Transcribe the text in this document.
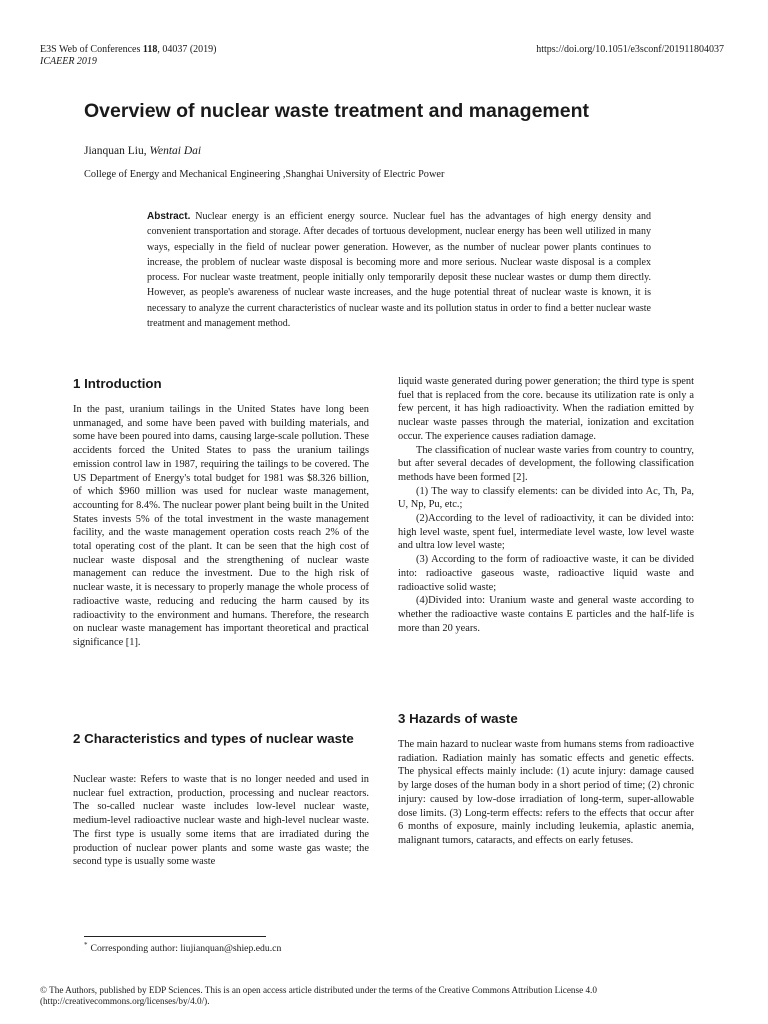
E3S Web of Conferences 118, 04037 (2019)
ICAEER 2019
https://doi.org/10.1051/e3sconf/201911804037
Overview of nuclear waste treatment and management
Jianquan Liu, Wentai Dai
College of Energy and Mechanical Engineering ,Shanghai University of Electric Power
Abstract. Nuclear energy is an efficient energy source. Nuclear fuel has the advantages of high energy density and convenient transportation and storage. After decades of tortuous development, nuclear energy has been well utilized in many ways, especially in the field of nuclear power generation. However, as the number of nuclear power plants continues to increase, the problem of nuclear waste disposal is becoming more and more serious. Nuclear waste disposal is a complex process. For nuclear waste treatment, people initially only temporarily deposit these nuclear wastes or dump them directly. However, as people's awareness of nuclear waste increases, and the huge potential threat of nuclear waste is known, it is necessary to analyze the current characteristics of nuclear waste and its pollution status in order to find a better nuclear waste treatment and management method.
1 Introduction

In the past, uranium tailings in the United States have long been unmanaged, and some have been paved with building materials, and some have been poured into dams, causing large-scale pollution. These accidents forced the United States to pass the uranium tailings emission control law in 1987, requiring the tailings to be covered. The US Department of Energy's total budget for 1981 was $8.326 billion, of which $960 million was used for nuclear waste management, accounting for 8.4%. The nuclear power plant being built in the United States invests 5% of the total investment in the waste management facility, and the waste management operation costs reach 2% of the total operating cost of the plant. It can be seen that the high cost of nuclear waste disposal and the strengthening of nuclear waste management can reduce the investment. Due to the high risk of nuclear waste, it is necessary to properly manage the whole process of radioactive waste, reducing and reducing the harm caused by its radioactivity to the environment and humans. Therefore, the research on nuclear waste management has important theoretical and practical significance [1].

2 Characteristics and types of nuclear waste

Nuclear waste: Refers to waste that is no longer needed and used in nuclear fuel extraction, production, processing and nuclear reactors. The so-called nuclear waste includes low-level nuclear waste, medium-level radioactive nuclear waste and high-level nuclear waste. The first type is usually some items that are irradiated during the production of nuclear power plants and some waste gas waste; the second type is usually some waste

liquid waste generated during power generation; the third type is spent fuel that is replaced from the core. because its utilization rate is only a few percent, it has high radioactivity. When the radiation emitted by nuclear waste passes through the material, ionization and excitation occur. The experience causes radiation damage.

The classification of nuclear waste varies from country to country, but after several decades of development, the following classification methods have been formed [2].

(1) The way to classify elements: can be divided into Ac, Th, Pa, U, Np, Pu, etc.;

(2)According to the level of radioactivity, it can be divided into: high level waste, spent fuel, intermediate level waste, low level waste and ultra low level waste;

(3) According to the form of radioactive waste, it can be divided into: radioactive gaseous waste, radioactive liquid waste and radioactive solid waste;

(4)Divided into: Uranium waste and general waste according to whether the radioactive waste contains E particles and the half-life is more than 20 years.

3 Hazards of waste

The main hazard to nuclear waste from humans stems from radioactive radiation. Radiation mainly has somatic effects and genetic effects. The physical effects mainly include: (1) acute injury: damage caused by large doses of the human body in a short period of time; (2) chronic injury: caused by low-dose irradiation of long-term, super-allowable dose limits. (3) Long-term effects: refers to the effects that occur after 6 months of exposure, mainly including leukemia, aplastic anemia, malignant tumors, cataracts, and effects on early fetuses.

* Corresponding author: liujianquan@shiep.edu.cn
© The Authors, published by EDP Sciences. This is an open access article distributed under the terms of the Creative Commons Attribution License 4.0 (http://creativecommons.org/licenses/by/4.0/).
